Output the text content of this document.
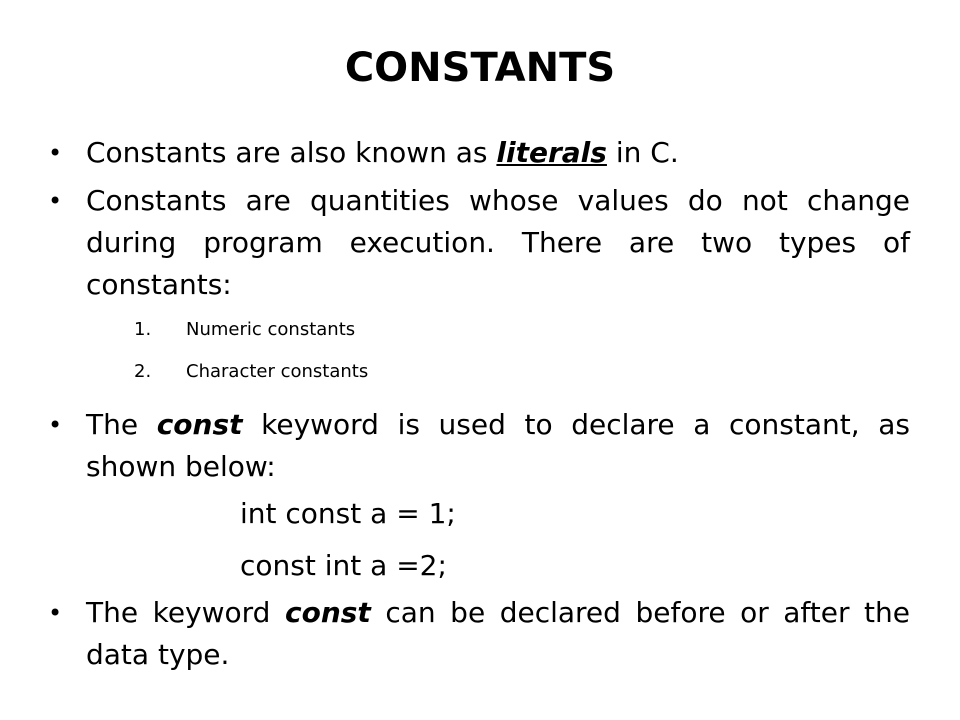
CONSTANTS
• Constants are also known as literals in C.
• Constants are quantities whose values do not change during program execution. There are two types of constants:
1.	Numeric constants
2.	Character constants
• The const keyword is used to declare a constant, as shown below:
int const a = 1;
const int a =2;
• The keyword const can be declared before or after the data type.
